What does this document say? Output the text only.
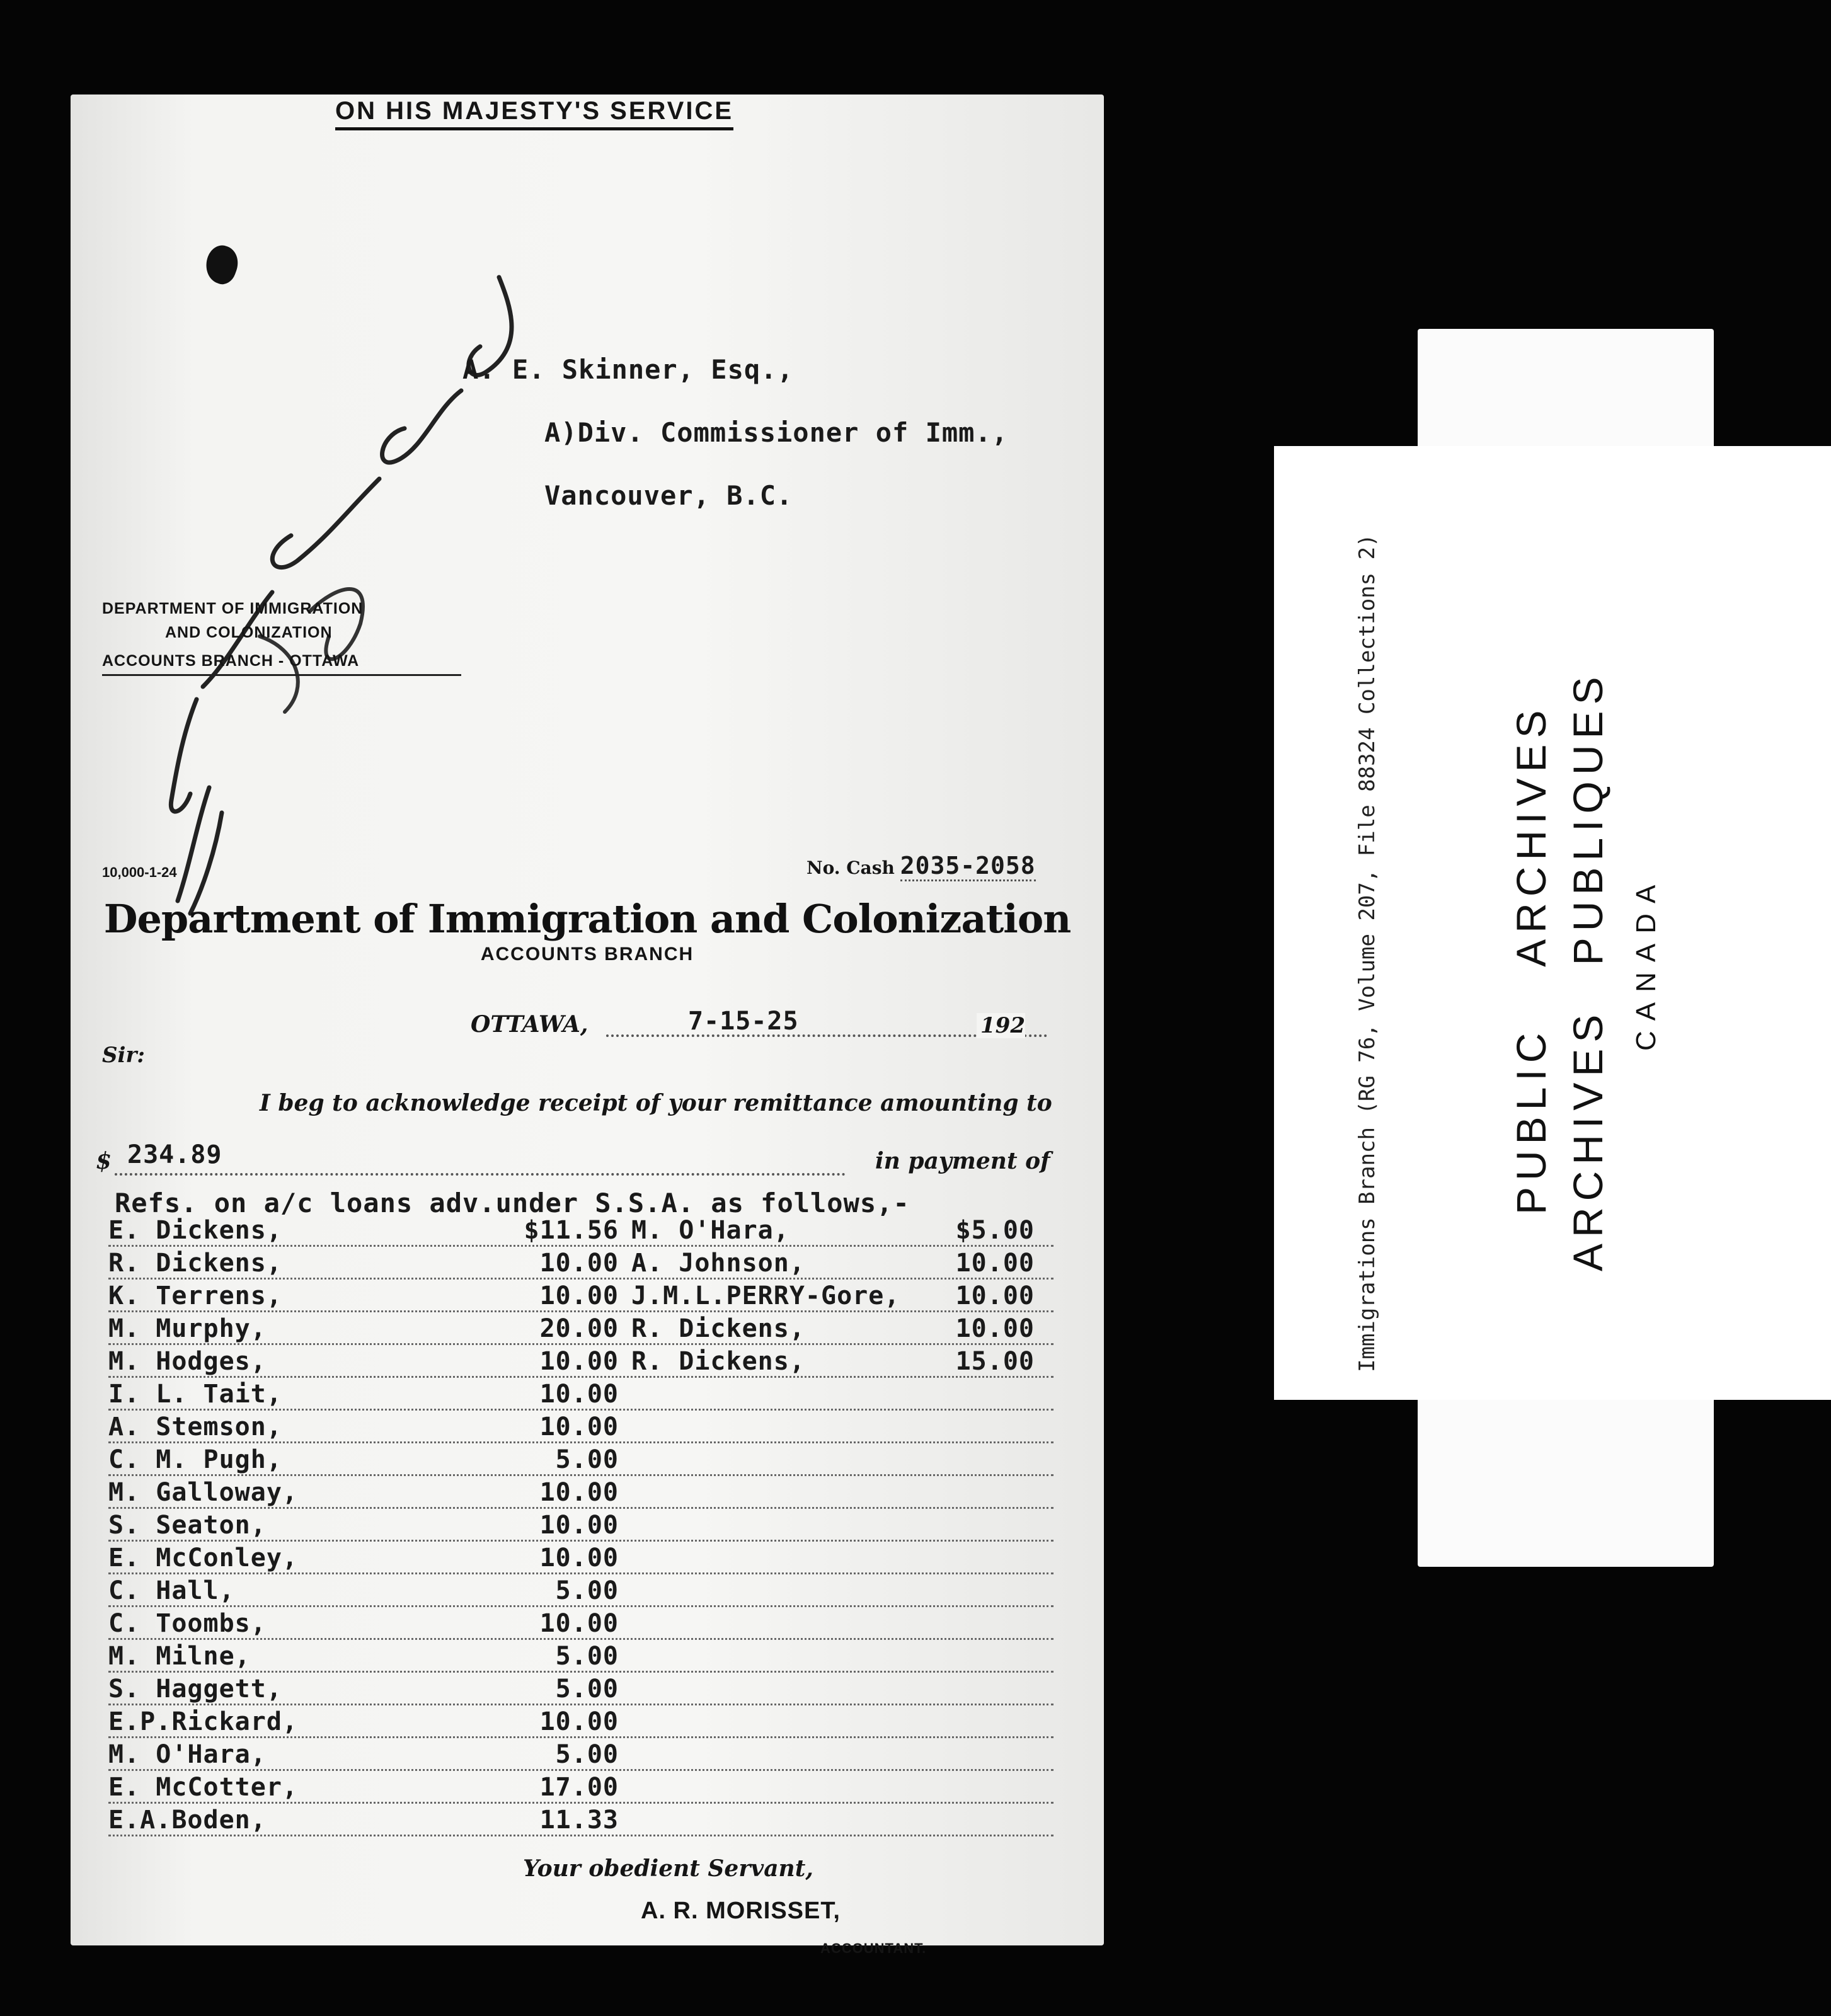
ON HIS MAJESTY'S SERVICE
A. E. Skinner, Esq.,
A)Div. Commissioner of Imm.,
Vancouver, B.C.
DEPARTMENT OF IMMIGRATION
AND COLONIZATION
ACCOUNTS BRANCH - OTTAWA
10,000-1-24	No. Cash 2035-2058
Department of Immigration and Colonization
ACCOUNTS BRANCH
OTTAWA,	7-15-25	192
Sir:
I beg to acknowledge receipt of your remittance amounting to
$ 234.89	in payment of
Refs. on a/c loans adv.under S.S.A. as follows,-
E. Dickens,	$11.56 M. O'Hara,	$5.00
R. Dickens,	10.00 A. Johnson,	10.00
K. Terrens,	10.00 J.M.L.PERRY-Gore,	10.00
M. Murphy,	20.00 R. Dickens,	10.00
M. Hodges,	10.00 R. Dickens,	15.00
I. L. Tait,	10.00
A. Stemson,	10.00
C. M. Pugh,	5.00
M. Galloway,	10.00
S. Seaton,	10.00
E. McConley,	10.00
C. Hall,	5.00
C. Toombs,	10.00
M. Milne,	5.00
S. Haggett,	5.00
E.P.Rickard,	10.00
M. O'Hara,	5.00
E. McCotter,	17.00
E.A.Boden,	11.33
Your obedient Servant,
A. R. MORISSET,
ACCOUNTANT.
Immigrations Branch (RG 76, Volume 207, File 88324 Collections 2)	PUBLIC ARCHIVES ARCHIVES PUBLIQUES CANADA
